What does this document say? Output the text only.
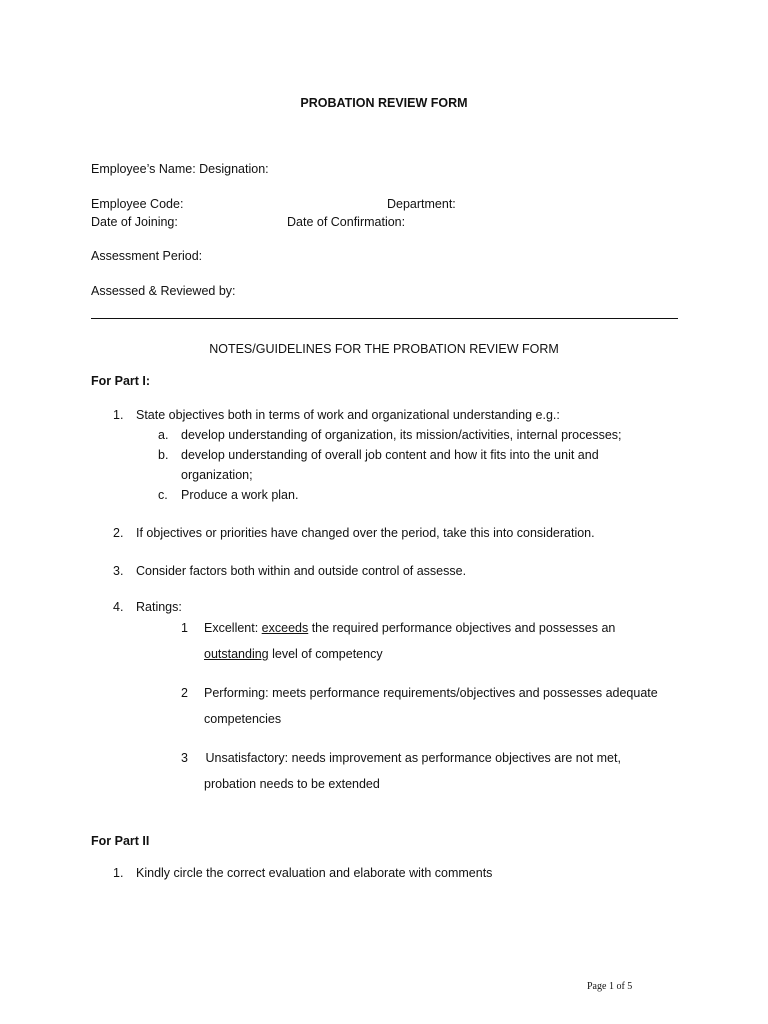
PROBATION REVIEW FORM
Employee’s Name: Designation:
Employee Code:	Department:
Date of Joining:	Date of Confirmation:
Assessment Period:
Assessed & Reviewed by:
NOTES/GUIDELINES FOR THE PROBATION REVIEW FORM
For Part I:
1. State objectives both in terms of work and organizational understanding e.g.:
a. develop understanding of organization, its mission/activities, internal processes;
b. develop understanding of overall job content and how it fits into the unit and
organization;
c. Produce a work plan.
2. If objectives or priorities have changed over the period, take this into consideration.
3. Consider factors both within and outside control of assesse.
4. Ratings:
1 Excellent: exceeds the required performance objectives and possesses an
outstanding level of competency
2 Performing: meets performance requirements/objectives and possesses adequate
competencies
3 Unsatisfactory: needs improvement as performance objectives are not met,
probation needs to be extended
For Part II
1. Kindly circle the correct evaluation and elaborate with comments
Page 1 of 5
